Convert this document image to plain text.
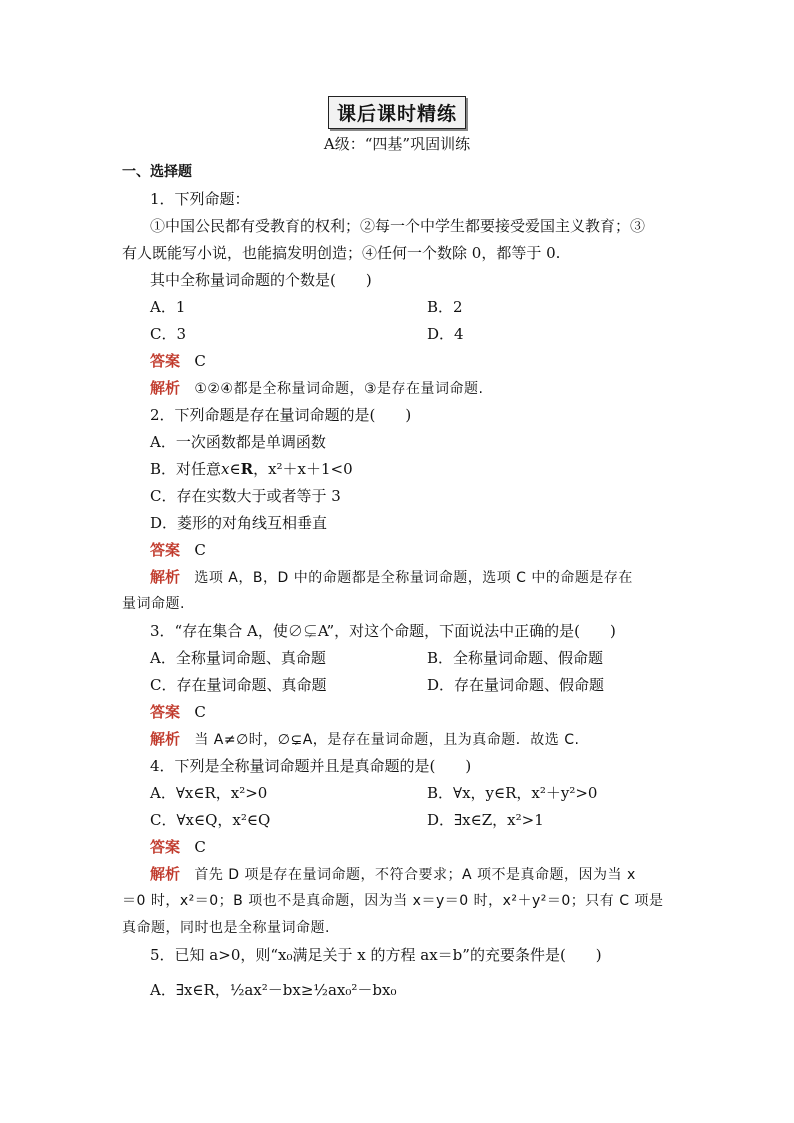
课后课时精练
A级：“四基”巩固训练
一、选择题
1．下列命题：
①中国公民都有受教育的权利；②每一个中学生都要接受爱国主义教育；③
有人既能写小说，也能搞发明创造；④任何一个数除 0，都等于 0.
其中全称量词命题的个数是(　　)
A．1	B．2
C．3	D．4
答案 C
解析 ①②④都是全称量词命题，③是存在量词命题.
2．下列命题是存在量词命题的是(　　)
A．一次函数都是单调函数
B．对任意x∈R，x²＋x＋1<0
C．存在实数大于或者等于 3
D．菱形的对角线互相垂直
答案 C
解析 选项 A，B，D 中的命题都是全称量词命题，选项 C 中的命题是存在
量词命题.
3．“存在集合 A，使∅⊊A”，对这个命题，下面说法中正确的是(　　)
A．全称量词命题、真命题	B．全称量词命题、假命题
C．存在量词命题、真命题	D．存在量词命题、假命题
答案 C
解析 当 A≠∅时，∅⊊A，是存在量词命题，且为真命题．故选 C.
4．下列是全称量词命题并且是真命题的是(　　)
A．∀x∈R，x²>0	B．∀x，y∈R，x²＋y²>0
C．∀x∈Q，x²∈Q	D．∃x∈Z，x²>1
答案 C
解析 首先 D 项是存在量词命题，不符合要求；A 项不是真命题，因为当 x
＝0 时，x²＝0；B 项也不是真命题，因为当 x＝y＝0 时，x²＋y²＝0；只有 C 项是
真命题，同时也是全称量词命题.
5．已知 a>0，则“x₀满足关于 x 的方程 ax＝b”的充要条件是(　　)
A．∃x∈R，½ax²－bx≥½ax₀²－bx₀
